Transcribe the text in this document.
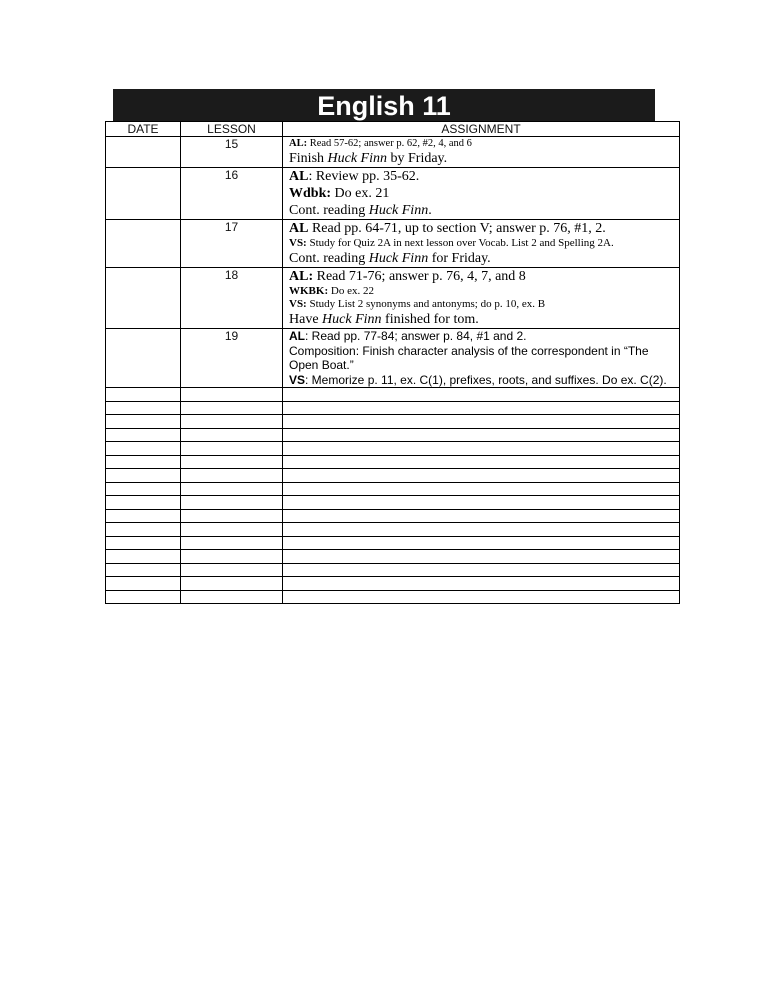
English 11
DATE	LESSON	ASSIGNMENT
	15	AL: Read 57-62; answer p. 62, #2, 4, and 6
Finish Huck Finn by Friday.

	16	AL: Review pp. 35-62.
Wdbk: Do ex. 21
Cont. reading Huck Finn.

	17	AL Read pp. 64-71, up to section V; answer p. 76, #1, 2.
VS: Study for Quiz 2A in next lesson over Vocab. List 2 and Spelling 2A.
Cont. reading Huck Finn for Friday.

	18	AL: Read 71-76; answer p. 76, 4, 7, and 8
WKBK: Do ex. 22
VS: Study List 2 synonyms and antonyms; do p. 10, ex. B
Have Huck Finn finished for tom.

	19	AL: Read pp. 77-84; answer p. 84, #1 and 2.
Composition: Finish character analysis of the correspondent in “The Open Boat.”
VS: Memorize p. 11, ex. C(1), prefixes, roots, and suffixes. Do ex. C(2).
